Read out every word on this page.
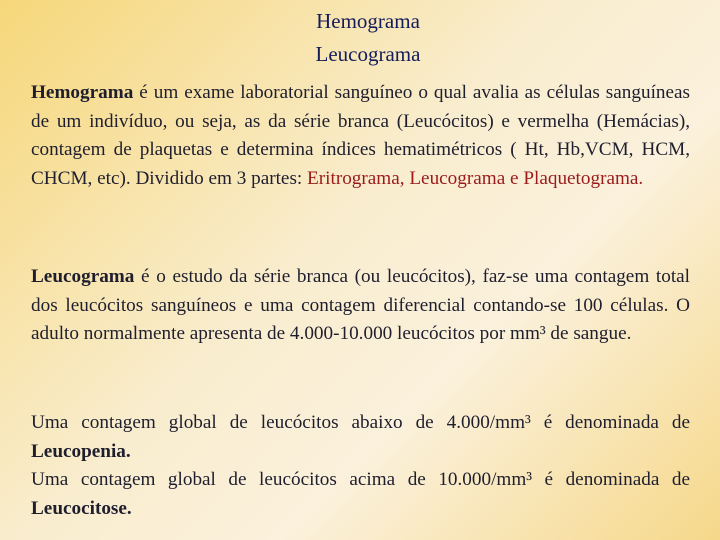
Hemograma
Leucograma
Hemograma é um exame laboratorial sanguíneo o qual avalia as células sanguíneas de um indivíduo, ou seja, as da série branca (Leucócitos) e vermelha (Hemácias), contagem de plaquetas e determina índices hematimétricos ( Ht, Hb,VCM, HCM, CHCM, etc). Dividido em 3 partes: Eritrograma, Leucograma e Plaquetograma.
Leucograma é o estudo da série branca (ou leucócitos), faz-se uma contagem total dos leucócitos sanguíneos e uma contagem diferencial contando-se 100 células. O adulto normalmente apresenta de 4.000-10.000 leucócitos por mm³ de sangue.
Uma contagem global de leucócitos abaixo de 4.000/mm³ é denominada de Leucopenia.
Uma contagem global de leucócitos acima de 10.000/mm³ é denominada de Leucocitose.
